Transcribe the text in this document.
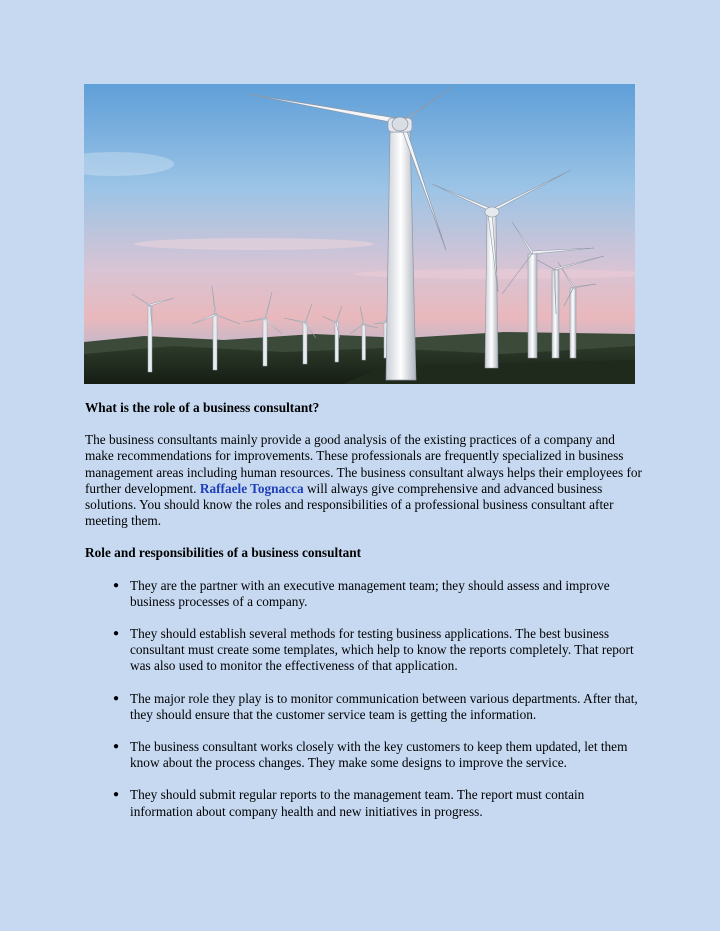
What is the role of a business consultant?

The business consultants mainly provide a good analysis of the existing practices of a company and make recommendations for improvements. These professionals are frequently specialized in business management areas including human resources. The business consultant always helps their employees for further development. Raffaele Tognacca will always give comprehensive and advanced business solutions. You should know the roles and responsibilities of a professional business consultant after meeting them.

Role and responsibilities of a business consultant

● They are the partner with an executive management team; they should assess and improve business processes of a company.
● They should establish several methods for testing business applications. The best business consultant must create some templates, which help to know the reports completely. That report was also used to monitor the effectiveness of that application.
● The major role they play is to monitor communication between various departments. After that, they should ensure that the customer service team is getting the information.
● The business consultant works closely with the key customers to keep them updated, let them know about the process changes. They make some designs to improve the service.
● They should submit regular reports to the management team. The report must contain information about company health and new initiatives in progress.
